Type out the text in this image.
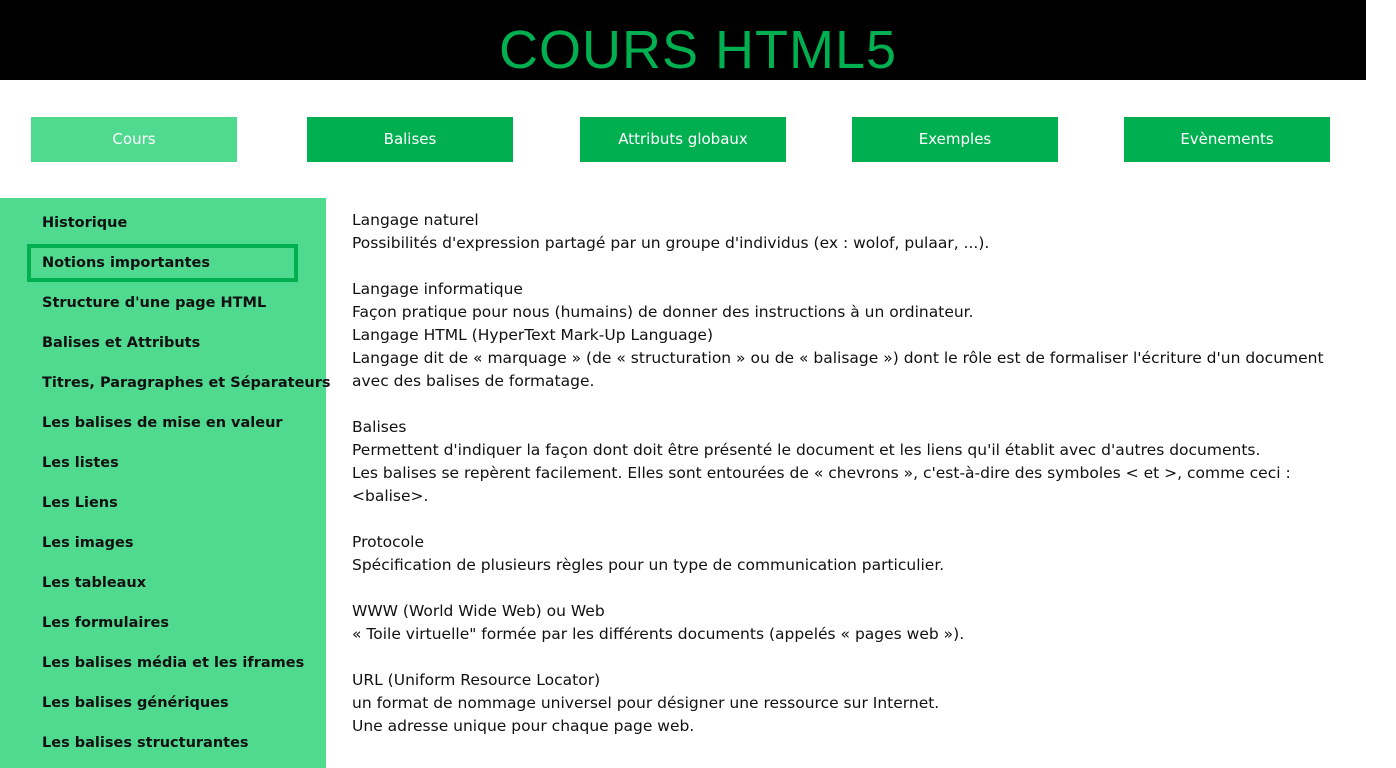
COURS HTML5
Cours	Balises	Attributs globaux	Exemples	Evènements
Historique
Notions importantes
Structure d'une page HTML
Balises et Attributs
Titres, Paragraphes et Séparateurs
Les balises de mise en valeur
Les listes
Les Liens
Les images
Les tableaux
Les formulaires
Les balises média et les iframes
Les balises génériques
Les balises structurantes
Langage naturel
Possibilités d'expression partagé par un groupe d'individus (ex : wolof, pulaar, ...).
Langage informatique
Façon pratique pour nous (humains) de donner des instructions à un ordinateur.
Langage HTML (HyperText Mark-Up Language)
Langage dit de « marquage » (de « structuration » ou de « balisage ») dont le rôle est de formaliser l'écriture d'un document
avec des balises de formatage.
Balises
Permettent d'indiquer la façon dont doit être présenté le document et les liens qu'il établit avec d'autres documents.
Les balises se repèrent facilement. Elles sont entourées de « chevrons », c'est-à-dire des symboles < et >, comme ceci :
<balise>.
Protocole
Spécification de plusieurs règles pour un type de communication particulier.
WWW (World Wide Web) ou Web
« Toile virtuelle" formée par les différents documents (appelés « pages web »).
URL (Uniform Resource Locator)
un format de nommage universel pour désigner une ressource sur Internet.
Une adresse unique pour chaque page web.
